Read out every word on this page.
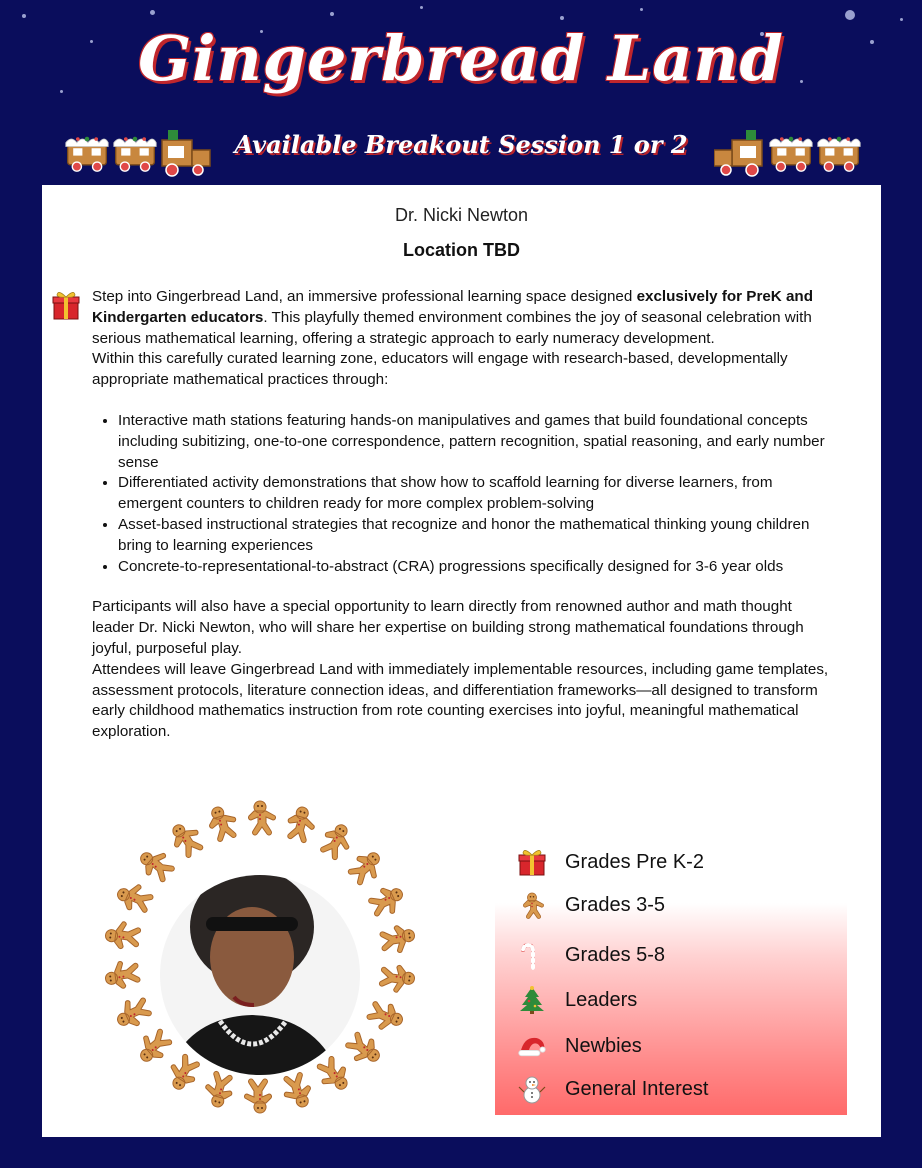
Gingerbread Land
Available Breakout Session 1 or 2
Dr. Nicki Newton
Location TBD

Step into Gingerbread Land, an immersive professional learning space designed exclusively for PreK and Kindergarten educators. This playfully themed environment combines the joy of seasonal celebration with serious mathematical learning, offering a strategic approach to early numeracy development.

Within this carefully curated learning zone, educators will engage with research-based, developmentally appropriate mathematical practices through:

• Interactive math stations featuring hands-on manipulatives and games that build foundational concepts including subitizing, one-to-one correspondence, pattern recognition, spatial reasoning, and early number sense
• Differentiated activity demonstrations that show how to scaffold learning for diverse learners, from emergent counters to children ready for more complex problem-solving
• Asset-based instructional strategies that recognize and honor the mathematical thinking young children bring to learning experiences
• Concrete-to-representational-to-abstract (CRA) progressions specifically designed for 3-6 year olds

Participants will also have a special opportunity to learn directly from renowned author and math thought leader Dr. Nicki Newton, who will share her expertise on building strong mathematical foundations through joyful, purposeful play.

Attendees will leave Gingerbread Land with immediately implementable resources, including game templates, assessment protocols, literature connection ideas, and differentiation frameworks—all designed to transform early childhood mathematics instruction from rote counting exercises into joyful, meaningful mathematical exploration.

Grades Pre K-2
Grades 3-5
Grades 5-8
Leaders
Newbies
General Interest
